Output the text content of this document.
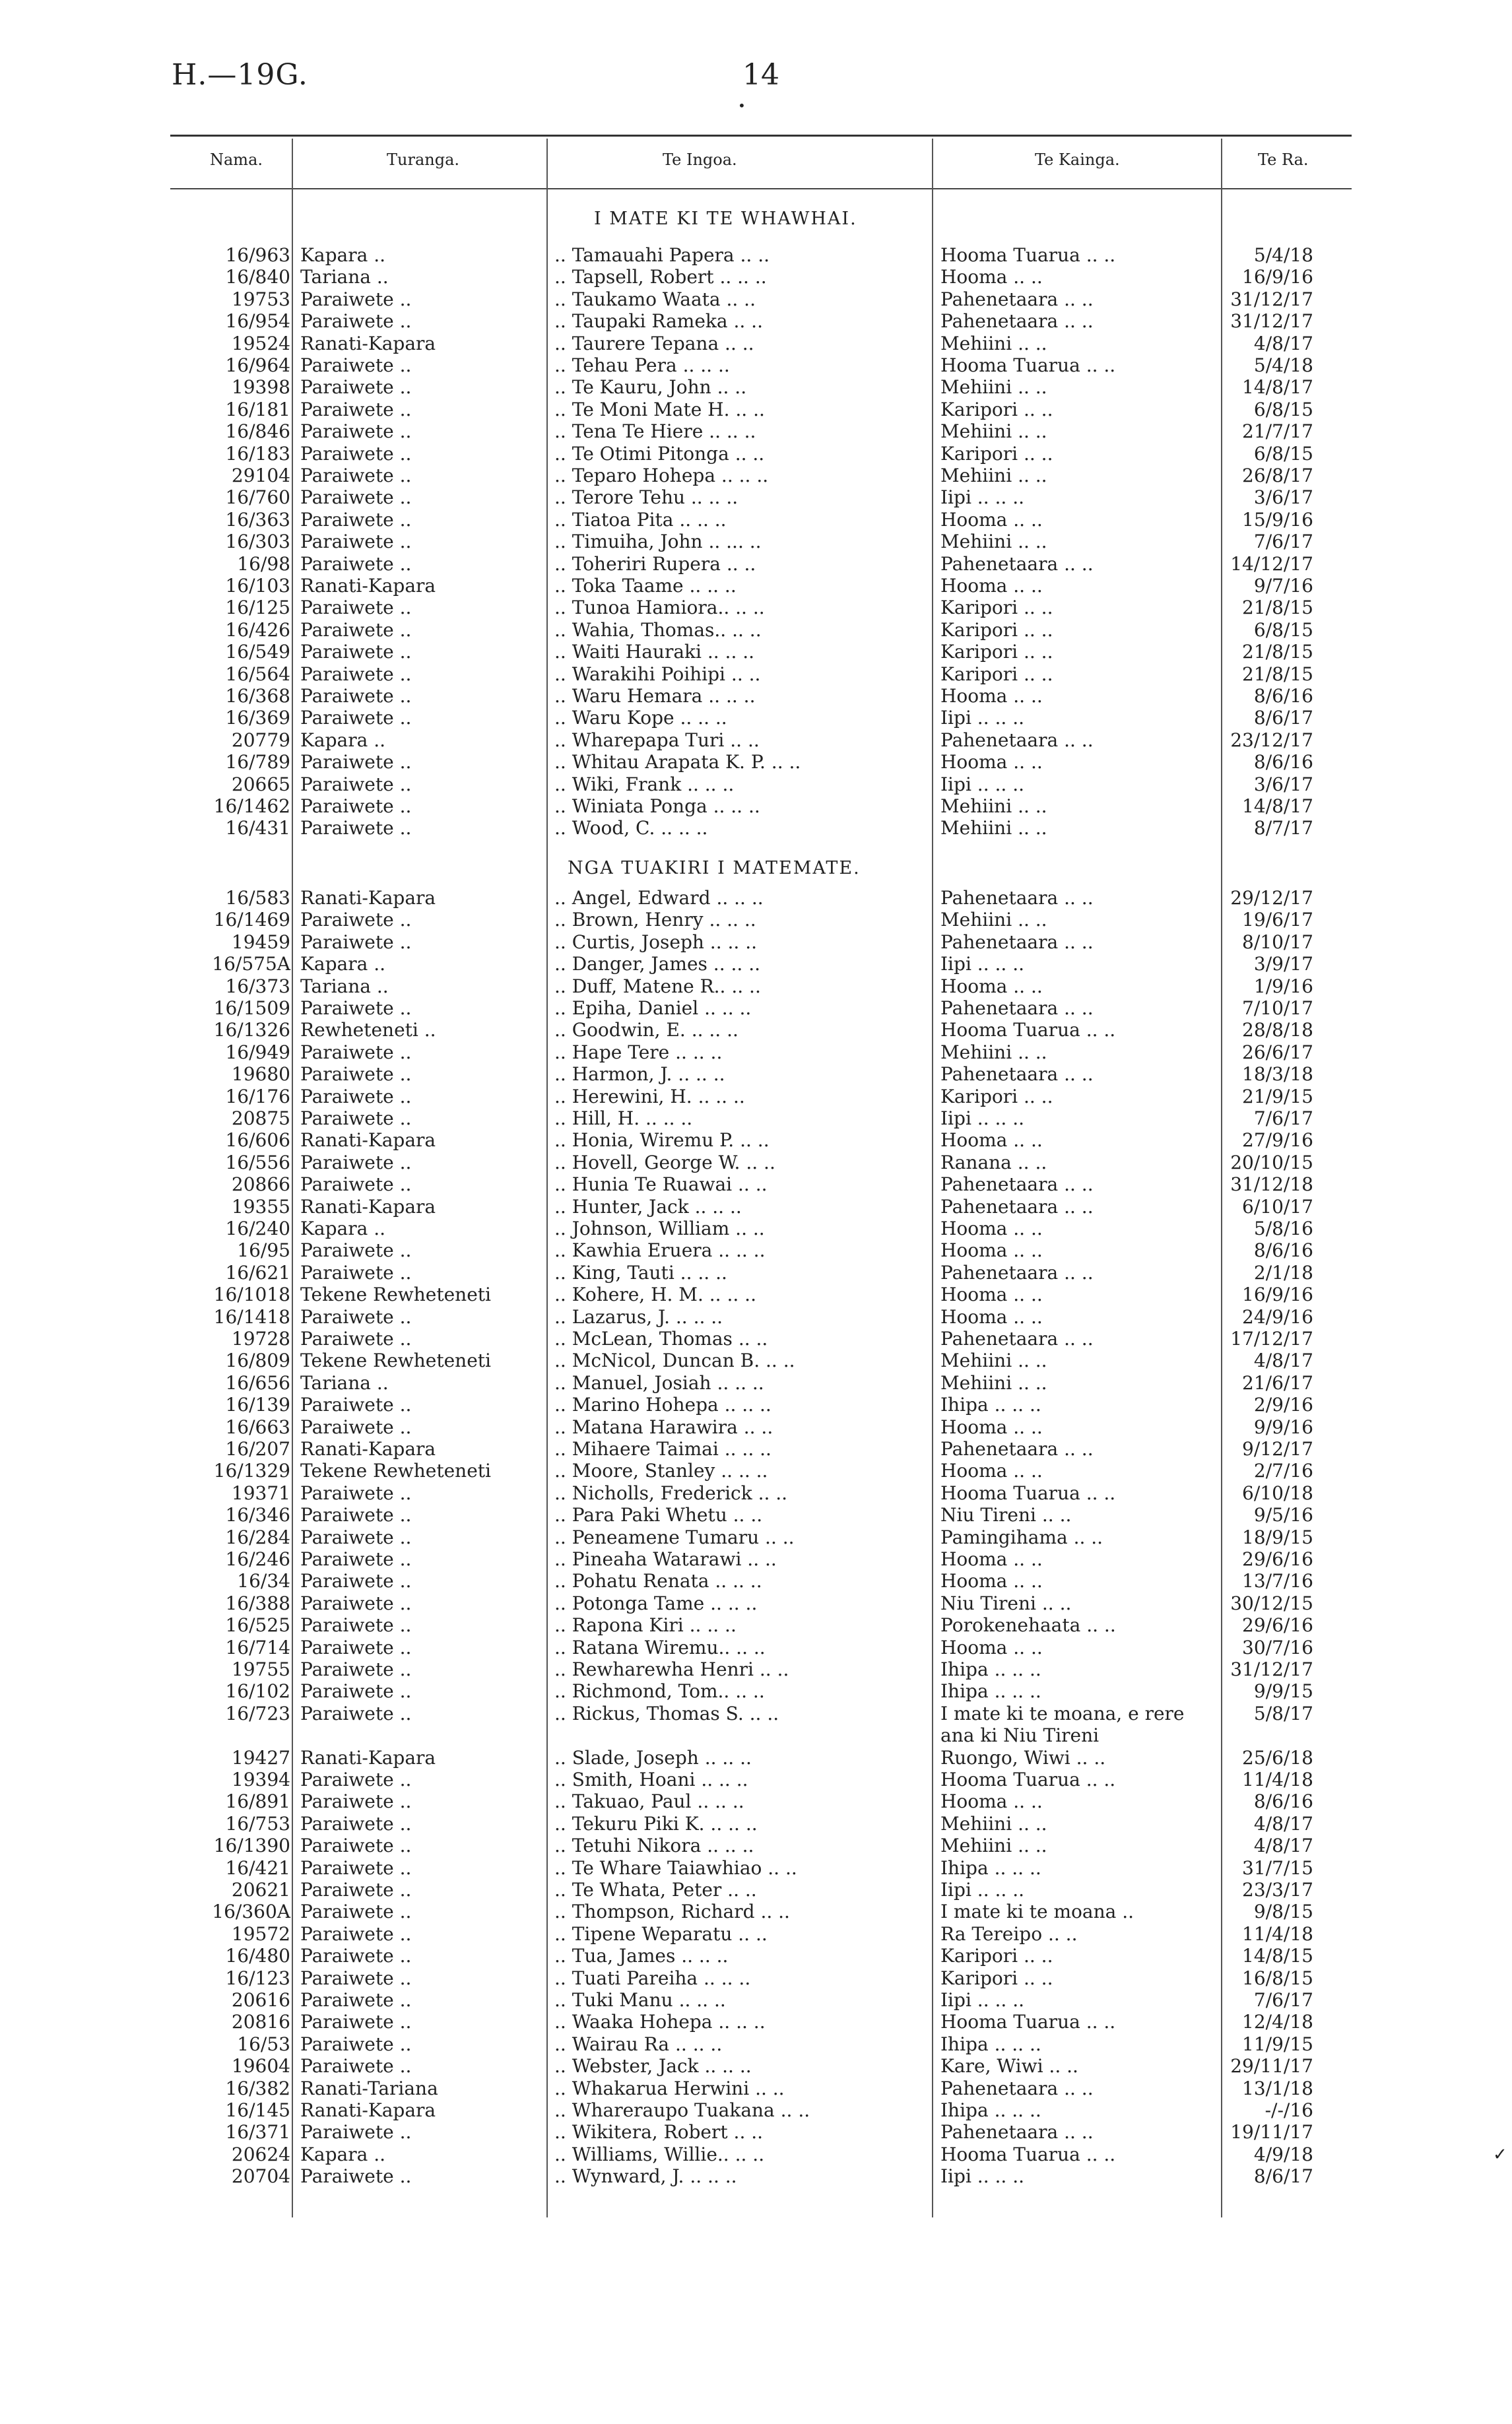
H.—19G.	14
•
Nama.	Turanga.	Te Ingoa.	Te Kainga.	Te Ra.
I MATE KI TE WHAWHAI.
NGA TUAKIRI I MATEMATE.
16/963 Kapara ..	.. Tamauahi Papera .. ..	Hooma Tuarua .. ..	5/4/18
16/840 Tariana ..	.. Tapsell, Robert .. .. ..	Hooma .. ..	16/9/16
19753 Paraiwete ..	.. Taukamo Waata .. ..	Pahenetaara .. ..	31/12/17
16/954 Paraiwete ..	.. Taupaki Rameka .. ..	Pahenetaara .. ..	31/12/17
19524 Ranati-Kapara	.. Taurere Tepana .. ..	Mehiini .. ..	4/8/17
16/964 Paraiwete ..	.. Tehau Pera .. .. ..	Hooma Tuarua .. ..	5/4/18
19398 Paraiwete ..	.. Te Kauru, John .. ..	Mehiini .. ..	14/8/17
16/181 Paraiwete ..	.. Te Moni Mate H. .. ..	Karipori .. ..	6/8/15
16/846 Paraiwete ..	.. Tena Te Hiere .. .. ..	Mehiini .. ..	21/7/17
16/183 Paraiwete ..	.. Te Otimi Pitonga .. ..	Karipori .. ..	6/8/15
29104 Paraiwete ..	.. Teparo Hohepa .. .. ..	Mehiini .. ..	26/8/17
16/760 Paraiwete ..	.. Terore Tehu .. .. ..	Iipi .. .. ..	3/6/17
16/363 Paraiwete ..	.. Tiatoa Pita .. .. ..	Hooma .. ..	15/9/16
16/303 Paraiwete ..	.. Timuiha, John .. ... ..	Mehiini .. ..	7/6/17
16/98 Paraiwete ..	.. Toheriri Rupera .. ..	Pahenetaara .. ..	14/12/17
16/103 Ranati-Kapara	.. Toka Taame .. .. ..	Hooma .. ..	9/7/16
16/125 Paraiwete ..	.. Tunoa Hamiora.. .. ..	Karipori .. ..	21/8/15
16/426 Paraiwete ..	.. Wahia, Thomas.. .. ..	Karipori .. ..	6/8/15
16/549 Paraiwete ..	.. Waiti Hauraki .. .. ..	Karipori .. ..	21/8/15
16/564 Paraiwete ..	.. Warakihi Poihipi .. ..	Karipori .. ..	21/8/15
16/368 Paraiwete ..	.. Waru Hemara .. .. ..	Hooma .. ..	8/6/16
16/369 Paraiwete ..	.. Waru Kope .. .. ..	Iipi .. .. ..	8/6/17
20779 Kapara ..	.. Wharepapa Turi .. ..	Pahenetaara .. ..	23/12/17
16/789 Paraiwete ..	.. Whitau Arapata K. P. .. ..	Hooma .. ..	8/6/16
20665 Paraiwete ..	.. Wiki, Frank .. .. ..	Iipi .. .. ..	3/6/17
16/1462 Paraiwete ..	.. Winiata Ponga .. .. ..	Mehiini .. ..	14/8/17
16/431 Paraiwete ..	.. Wood, C. .. .. ..	Mehiini .. ..	8/7/17
16/583 Ranati-Kapara	.. Angel, Edward .. .. ..	Pahenetaara .. ..	29/12/17
16/1469 Paraiwete ..	.. Brown, Henry .. .. ..	Mehiini .. ..	19/6/17
19459 Paraiwete ..	.. Curtis, Joseph .. .. ..	Pahenetaara .. ..	8/10/17
16/575A Kapara ..	.. Danger, James .. .. ..	Iipi .. .. ..	3/9/17
16/373 Tariana ..	.. Duff, Matene R.. .. ..	Hooma .. ..	1/9/16
16/1509 Paraiwete ..	.. Epiha, Daniel .. .. ..	Pahenetaara .. ..	7/10/17
16/1326 Rewheteneti ..	.. Goodwin, E. .. .. ..	Hooma Tuarua .. ..	28/8/18
16/949 Paraiwete ..	.. Hape Tere .. .. ..	Mehiini .. ..	26/6/17
19680 Paraiwete ..	.. Harmon, J. .. .. ..	Pahenetaara .. ..	18/3/18
16/176 Paraiwete ..	.. Herewini, H. .. .. ..	Karipori .. ..	21/9/15
20875 Paraiwete ..	.. Hill, H. .. .. ..	Iipi .. .. ..	7/6/17
16/606 Ranati-Kapara	.. Honia, Wiremu P. .. ..	Hooma .. ..	27/9/16
16/556 Paraiwete ..	.. Hovell, George W. .. ..	Ranana .. ..	20/10/15
20866 Paraiwete ..	.. Hunia Te Ruawai .. ..	Pahenetaara .. ..	31/12/18
19355 Ranati-Kapara	.. Hunter, Jack .. .. ..	Pahenetaara .. ..	6/10/17
16/240 Kapara ..	.. Johnson, William .. ..	Hooma .. ..	5/8/16
16/95 Paraiwete ..	.. Kawhia Eruera .. .. ..	Hooma .. ..	8/6/16
16/621 Paraiwete ..	.. King, Tauti .. .. ..	Pahenetaara .. ..	2/1/18
16/1018 Tekene Rewheteneti	.. Kohere, H. M. .. .. ..	Hooma .. ..	16/9/16
16/1418 Paraiwete ..	.. Lazarus, J. .. .. ..	Hooma .. ..	24/9/16
19728 Paraiwete ..	.. McLean, Thomas .. ..	Pahenetaara .. ..	17/12/17
16/809 Tekene Rewheteneti	.. McNicol, Duncan B. .. ..	Mehiini .. ..	4/8/17
16/656 Tariana ..	.. Manuel, Josiah .. .. ..	Mehiini .. ..	21/6/17
16/139 Paraiwete ..	.. Marino Hohepa .. .. ..	Ihipa .. .. ..	2/9/16
16/663 Paraiwete ..	.. Matana Harawira .. ..	Hooma .. ..	9/9/16
16/207 Ranati-Kapara	.. Mihaere Taimai .. .. ..	Pahenetaara .. ..	9/12/17
16/1329 Tekene Rewheteneti	.. Moore, Stanley .. .. ..	Hooma .. ..	2/7/16
19371 Paraiwete ..	.. Nicholls, Frederick .. ..	Hooma Tuarua .. ..	6/10/18
16/346 Paraiwete ..	.. Para Paki Whetu .. ..	Niu Tireni .. ..	9/5/16
16/284 Paraiwete ..	.. Peneamene Tumaru .. ..	Pamingihama .. ..	18/9/15
16/246 Paraiwete ..	.. Pineaha Watarawi .. ..	Hooma .. ..	29/6/16
16/34 Paraiwete ..	.. Pohatu Renata .. .. ..	Hooma .. ..	13/7/16
16/388 Paraiwete ..	.. Potonga Tame .. .. ..	Niu Tireni .. ..	30/12/15
16/525 Paraiwete ..	.. Rapona Kiri .. .. ..	Porokenehaata .. ..	29/6/16
16/714 Paraiwete ..	.. Ratana Wiremu.. .. ..	Hooma .. ..	30/7/16
19755 Paraiwete ..	.. Rewharewha Henri .. ..	Ihipa .. .. ..	31/12/17
16/102 Paraiwete ..	.. Richmond, Tom.. .. ..	Ihipa .. .. ..	9/9/15
16/723 Paraiwete ..	.. Rickus, Thomas S. .. ..	I mate ki te moana, e rere	5/8/17
ana ki Niu Tireni
19427 Ranati-Kapara	.. Slade, Joseph .. .. ..	Ruongo, Wiwi .. ..	25/6/18
19394 Paraiwete ..	.. Smith, Hoani .. .. ..	Hooma Tuarua .. ..	11/4/18
16/891 Paraiwete ..	.. Takuao, Paul .. .. ..	Hooma .. ..	8/6/16
16/753 Paraiwete ..	.. Tekuru Piki K. .. .. ..	Mehiini .. ..	4/8/17
16/1390 Paraiwete ..	.. Tetuhi Nikora .. .. ..	Mehiini .. ..	4/8/17
16/421 Paraiwete ..	.. Te Whare Taiawhiao .. ..	Ihipa .. .. ..	31/7/15
20621 Paraiwete ..	.. Te Whata, Peter .. ..	Iipi .. .. ..	23/3/17
16/360A Paraiwete ..	.. Thompson, Richard .. ..	I mate ki te moana ..	9/8/15
19572 Paraiwete ..	.. Tipene Weparatu .. ..	Ra Tereipo .. ..	11/4/18
16/480 Paraiwete ..	.. Tua, James .. .. ..	Karipori .. ..	14/8/15
16/123 Paraiwete ..	.. Tuati Pareiha .. .. ..	Karipori .. ..	16/8/15
20616 Paraiwete ..	.. Tuki Manu .. .. ..	Iipi .. .. ..	7/6/17
20816 Paraiwete ..	.. Waaka Hohepa .. .. ..	Hooma Tuarua .. ..	12/4/18
16/53 Paraiwete ..	.. Wairau Ra .. .. ..	Ihipa .. .. ..	11/9/15
19604 Paraiwete ..	.. Webster, Jack .. .. ..	Kare, Wiwi .. ..	29/11/17
16/382 Ranati-Tariana	.. Whakarua Herwini .. ..	Pahenetaara .. ..	13/1/18
16/145 Ranati-Kapara	.. Whareraupo Tuakana .. ..	Ihipa .. .. ..	-/-/16
16/371 Paraiwete ..	.. Wikitera, Robert .. ..	Pahenetaara .. ..	19/11/17
20624 Kapara ..	.. Williams, Willie.. .. ..	Hooma Tuarua .. ..	4/9/18
20704 Paraiwete ..	.. Wynward, J. .. .. ..	Iipi .. .. ..	8/6/17
✓
